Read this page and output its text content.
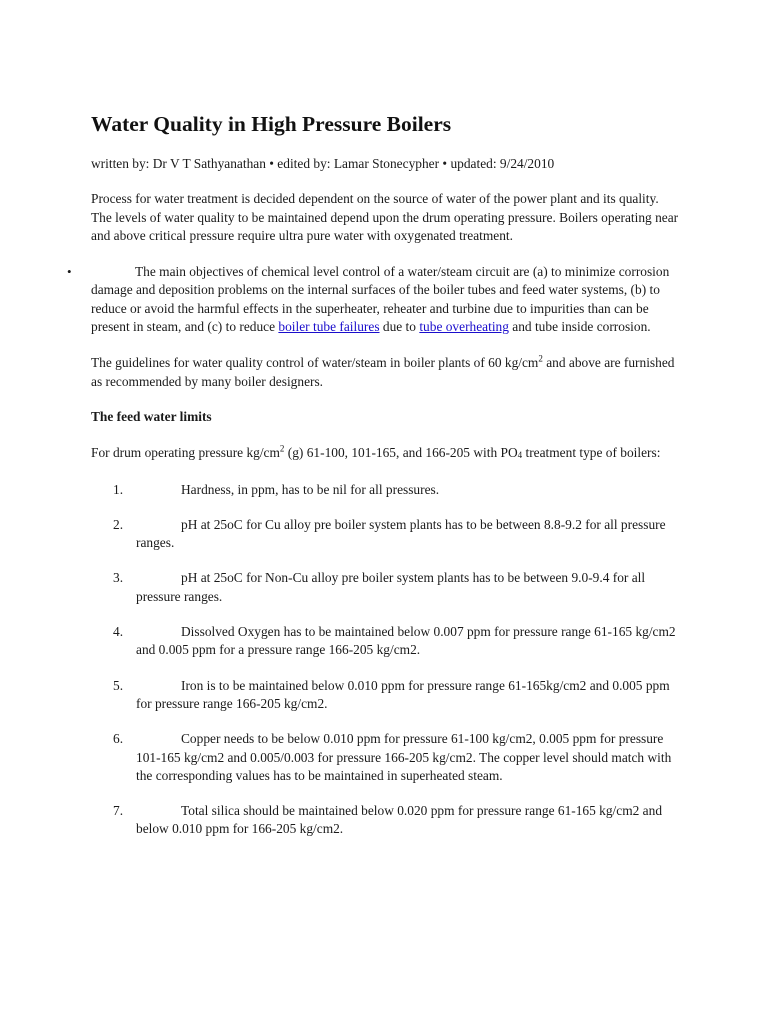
Water Quality in High Pressure Boilers

written by: Dr V T Sathyanathan • edited by: Lamar Stonecypher • updated: 9/24/2010

Process for water treatment is decided dependent on the source of water of the power plant and its quality. The levels of water quality to be maintained depend upon the drum operating pressure. Boilers operating near and above critical pressure require ultra pure water with oxygenated treatment.

•	The main objectives of chemical level control of a water/steam circuit are (a) to minimize corrosion damage and deposition problems on the internal surfaces of the boiler tubes and feed water systems, (b) to reduce or avoid the harmful effects in the superheater, reheater and turbine due to impurities than can be present in steam, and (c) to reduce boiler tube failures due to tube overheating and tube inside corrosion.

The guidelines for water quality control of water/steam in boiler plants of 60 $kg/cm^2$ and above are furnished as recommended by many boiler designers.

The feed water limits

For drum operating pressure $kg/cm^2$ (g) 61-100, 101-165, and 166-205 with $PO_4$ treatment type of boilers:

1.	Hardness, in ppm, has to be nil for all pressures.
2.	pH at 25oC for Cu alloy pre boiler system plants has to be between 8.8-9.2 for all pressure ranges.
3.	pH at 25oC for Non-Cu alloy pre boiler system plants has to be between 9.0-9.4 for all pressure ranges.
4.	Dissolved Oxygen has to be maintained below 0.007 ppm for pressure range 61-165 kg/cm2 and 0.005 ppm for a pressure range 166-205 kg/cm2.
5.	Iron is to be maintained below 0.010 ppm for pressure range 61-165kg/cm2 and 0.005 ppm for pressure range 166-205 kg/cm2.
6.	Copper needs to be below 0.010 ppm for pressure 61-100 kg/cm2, 0.005 ppm for pressure 101-165 kg/cm2 and 0.005/0.003 for pressure 166-205 kg/cm2. The copper level should match with the corresponding values has to be maintained in superheated steam.
7.	Total silica should be maintained below 0.020 ppm for pressure range 61-165 kg/cm2 and below 0.010 ppm for 166-205 kg/cm2.
